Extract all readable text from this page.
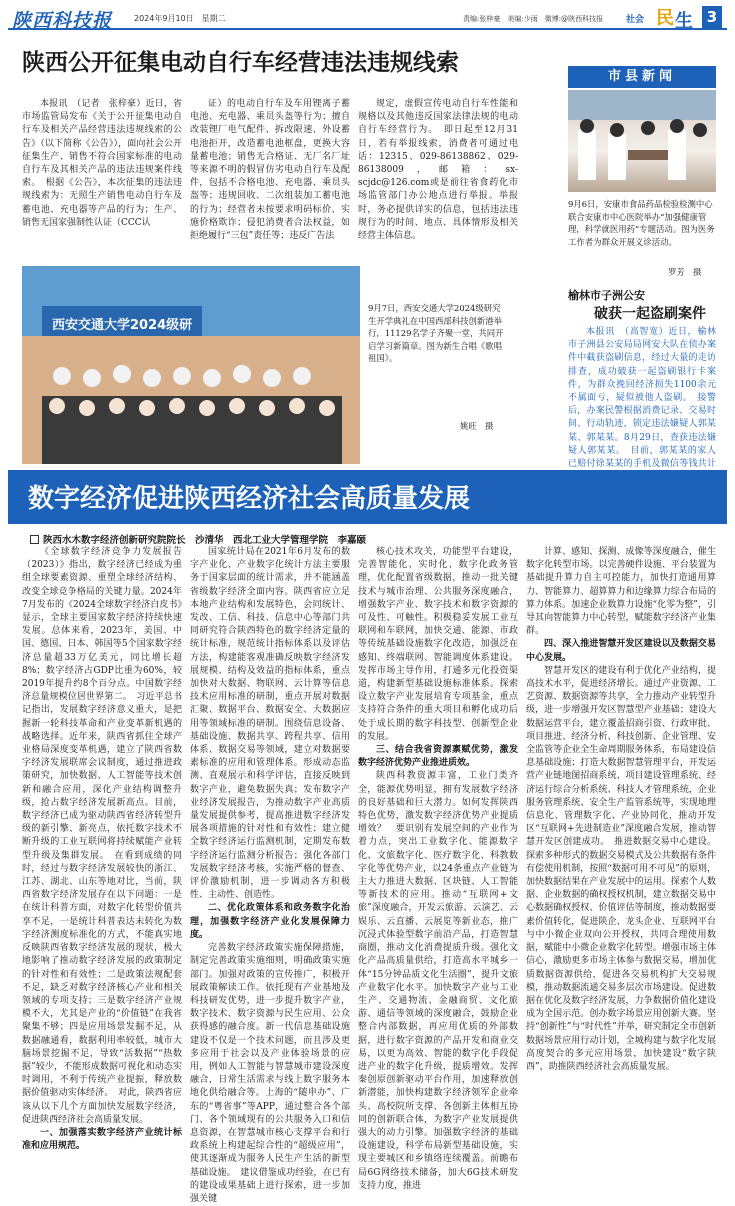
陕西科技报	2024年9月10日　星期二	责编:张梓豪　美编:少雨　微博:@陕西科技报	社会 民 生 3
陕西公开征集电动自行车经营违法违规线索

本报讯　（记者　张梓豪）近日，省市场监管局发布《关于公开征集电动自行车及相关产品经营违法违规线索的公告》（以下简称《公告》），面向社会公开征集生产、销售不符合国家标准的电动自行车及其相关产品的违法违规案件线索。　根据《公告》，本次征集的违法违规线索为：无照生产销售电动自行车及蓄电池、充电器等产品的行为；生产、销售无国家强制性认证（CCC认

证）的电动自行车及车用锂离子蓄电池、充电器、乘员头盔等行为；擅自改装锂厂电气配件、拆改限速、外设蓄电池拒开，改造蓄电池框盘，更换大容量蓄电池；销售无合格证、无厂名厂址等来源不明的假冒仿劣电动自行车及配件，包括不合格电池、充电器、乘员头盔等；违规回收、二次组装加工蓄电池的行为；经营者未按要求明码标价、实施价格欺诈；侵犯消费者合法权益，如拒绝履行“三包”责任等；违反广告法

规定，虚假宣传电动自行车性能和规格以及其他违反国家法律法规的电动自行车经营行为。　即日起至12月31日，若有举报线索，消费者可通过电话：12315、029-86138862、029-86138009，邮箱：sx-scjdc@126.com或是前往省食药化市场监管部门办公地点进行举报。举报时，务必提供详实的信息，包括违法违规行为的时间、地点、具体情形及相关经营主体信息。

西安交通大学2024级研
9月7日，西安交通大学2024级研究生开学典礼在中国西部科技创新港举行，11129名学子齐聚一堂，共同开启学习新篇章。图为新生合唱《歌唱祖国》。
姚旺　摄
市县新闻
9月6日，安康市食品药品检验检测中心联合安康市中心医院举办“加强健康管理，科学就医用药”专题活动。图为医务工作者为群众开展义诊活动。
罗芳　摄
榆林市子洲公安
破获一起盗刷案件

本报讯　（高智宽）近日，榆林市子洲县公安局局网安大队在侦办案件中截获盗刷信息，经过大量的走访排查，成功破获一起盗刷银行卡案件，为群众挽回经济损失1100余元不属面亏，疑似被他人盗刷。　接警后，办案民警根据消费记录、交易时间、行动轨迹，锁定违法嫌疑人郭某某、郭某某。8月29日，查获违法嫌疑人郭某某。　目前，郭某某的家人已赔付徐某某的手机及微信等钱共计

数字经济促进陕西经济社会高质量发展
陕西水木数字经济创新研究院院长　沙清华　西北工业大学管理学院　李嘉颐

《全球数字经济竞争力发展报告（2023）》指出，数字经济已经成为重组全球要素资源、重塑全球经济结构、改变全球竞争格局的关键力量。2024年7月发布的《2024全球数字经济白皮书》显示，全球主要国家数字经济持续快速发展。总体来看，2023年，美国、中国、德国、日本、韩国等5个国家数字经济总量超33万亿美元，同比增长超8%；数字经济占GDP比重为60%，较2019年提升约8个百分点。中国数字经济总量规模位居世界第二。　习近平总书记指出，发展数字经济意义重大，是把握新一轮科技革命和产业变革新机遇的战略选择。近年来，陕西省抓住全球产业格局深度变革机遇，建立了陕西省数字经济发展联席会议制度，通过推进政策研究，加快数据、人工智能等技术创新和融合应用，深化产业结构调整升级，抢占数字经济发展新高点。目前，数字经济已成为驱动陕西省经济转型升级的新引擎、新亮点，依托数字技术不断升级的工业互联网将持续赋能产业转型升级及集群发展。　在看到成绩的同时，经过与数字经济发展较快的浙江、江苏、湖北、山东等地对比，当前，陕西省数字经济发展存在以下问题：一是在统计科普方面，对数字化转型价值共享不足，一是统计科普表达未转化为数字经济测度标准化的方式，不能真实地反映陕西省数字经济发展的现状，极大地影响了推动数字经济发展的政策制定的针对性和有效性；二是政策法规配套不足，缺乏对数字经济核心产业和相关领域的专项支持；三是数字经济产业规模不大，尤其是产业的“价值链”在我省聚集不够；四是应用场景发掘不足，从数据融通看，数据利用率较低，城市大脑场景挖掘不足，导致“活数据”“热数据”较少，不能形成数据可视化和动态实时调用，不利于传统产业提振，释放数据价值驱动实体经济。　对此，陕西省应该从以下几个方面加快发展数字经济，促进陕西经济社会高质量发展。

一、加强落实数字经济产业统计标准和应用规范。

国家统计局在2021年6月发布的数字产业化、产业数字化统计方法主要服务于国家层面的统计需求，并不能涵盖省级数字经济全面内容。陕西省应立足本地产业结构和发展特色，会同统计、发改、工信、科技、信息中心等部门共同研究符合陕西特色的数字经济定量的统计标准，规范统计指标体系以及评估方法，构建能客观准确反映数字经济发展规模、结构及效益的指标体系，重点加快对大数据、物联网、云计算等信息技术应用标准的研制，重点开展对数据汇聚、数据平台、数据安全、大数据应用等领域标准的研制。围绕信息设备、基础设施、数据共享、跨程共享、信用体系、数据交易等领域，建立对数据要素标准的应用和管理体系。形成动态监测、直观展示和科学评估，直接反映到数字产业，避免数据失真；发布数字产业经济发展报告，为推动数字产业高质量发展提供参考，提高推进数字经济发展各项措施的针对性和有效性；建立健全数字经济运行监测机制，定期发布数字经济运行监测分析报告；强化各部门发展数字经济考核，实施严格的督查、评价激励机制，进一步调动各方积极性、主动性、创造性。

二、优化政策体系和政务数字化治理，加强数字经济产业化发展保障力度。

完善数字经济政策实施保障措施，制定完善政策实施细则，明确政策实施部门。加强对政策的宣传推广，积极开展政策解读工作。依托现有产业基地及科技研发优势，进一步提升数字产业，数字技术、数字资源与民生应用、公众获得感的融合度。新一代信息基础设施建设不仅是一个技术问题，而且涉及更多应用于社会以及产业体验场景的应用，例如人工智能与智慧城市建设深度融合，日常生活需求与线上数字服务本地化供给融合等。上海的“随申办”、广东的“粤省事”等APP，通过整合各个部门、各个领域现有的公共服务入口和信息资源，在智慧城市核心支撑平台和行政系统上构建起综合性的“超级应用”，使其逐渐成为服务人民生产生活的新型基础设施。　建议借鉴成功经验，在已有的建设成果基础上进行探索，进一步加强关键

核心技术攻关，功能型平台建设，完善智能化、实时化、数字化政务管理，优化配置省级数据，推动一批关键技术与城市治理、公共服务深度融合，增强数字产业、数字技术和数字资源的可及性、可触性。积极稳妥发展工业互联网和车联网，加快交通、能源、市政等传统基础设施数字化改造，加强泛在感知、终端联网、智能调度体系建设。发挥市场主导作用，打通多元化投资渠道，构建新型基础设施标准体系。探索设立数字产业发展培育专项基金，重点支持符合条件的重大项目和孵化成功后处于成长期的数字科技型、创新型企业的发展。

三、结合我省资源禀赋优势，激发数字经济优势产业推进质效。

陕西科教资源丰富，工业门类齐全，能源优势明显，拥有发展数字经济的良好基础和巨大潜力。如何发挥陕西特色优势，激发数字经济优势产业提质增效？　要识别有发展空间的产业作为着力点，突出工业数字化、能源数字化、文旅数字化、医疗数字化、科教数字化等优势产业，以24条重点产业链为主大力推进大数据、区块链、人工智能等新技术的应用。推动“互联网+文旅”深度融合，开发云旅游、云演艺、云娱乐、云直播、云展览等新业态，推广沉浸式体验型数字前沿产品，打造智慧商圈，推动文化消费提质升级。强化文化产品高质量供给，打造高水平城乡一体“15分钟品质文化生活圈”，提升文旅产业数字化水平。加快数字产业与工业生产、交通物流、金融商贸、文化旅游、通信等领域的深度融合，鼓励企业整合内部数据，再应用优质的外部数据，进行数字资源的产品开发和商业交易，以更为高效、智能的数字化手段促进产业的数字化升级，提质增效。发挥秦创原创新驱动平台作用，加速释放创新潜能，加快构建数字经济领军企业牵头、高校院所支撑、各创新主体相互协同的创新联合体，为数字产业发展提供强大的动力引擎。加强数字经济的基础设施建设，科学布局新型基础设施，实现主要城区和乡镇络连续覆盖。前瞻布局6G网络技术储备，加大6G技术研发支持力度，推进

计算、感知、探测、成像等深度融合，催生数字化转型市场。以完善硬件设施、平台装置为基础提升算力自主可控能力，加快打造通用算力、智能算力、超算算力和边缘算力综合布局的算力体系。加速企业数算力设施“化零为整”，引导其向智能算力中心转型，赋能数字经济产业集群。

四、深入推进智慧开发区建设以及数据交易中心发展。

智慧开发区的建设有利于优化产业结构，提高技术水平，促进经济增长。通过产业资源、工艺资源、数据资源等共享，全力推动产业转型升级，进一步增强开发区智慧型产业基础；建设大数据运营平台，建立覆盖招商引资、行政审批、项目推进、经济分析、科技创新、企业管理、安全监管等企业全生命周期服务体系，布局建设信息基础设施；打造大数据智慧管理平台，开发运营产业链地图招商系统、项目建设管理系统、经济运行综合分析系统、科技人才管理系统，企业服务管理系统、安全生产监管系统等，实现地理信息化、管理数字化、产业协同化，推动开发区“互联网+先进制造业”深度融合发展，推动智慧开发区创建成功。　推进数据交易中心建设。探索多种形式的数据交易模式及公共数据有条件有偿使用机制，按照“数据可用不可见”的原则，加快数据结果在产业发展中的运用。探索个人数据、企业数据的确权授权机制，建立数据交易中心数据确权授权、价值评估等制度，推动数据要素价值转化，促进陕企、龙头企业、互联网平台与中小微企业双向公开授权，共同合理使用数据，赋能中小微企业数字化转型。增强市场主体信心，激励更多市场主体参与数据交易，增加优质数据资源供给，促进各交易机构扩大交易规模，推动数据流通交易多层次市场建设。促进数据在优化及数字经济发展，力争数据价值化建设成为全国示范。创办数字场景应用创新大赛。坚持“创新性”与“时代性”并举，研究制定全市创新数据场景应用行动计划，全城构建与数字化发展高度契合的多元应用场景，加快建设“数字陕西”，助推陕西经济社会高质量发展。
